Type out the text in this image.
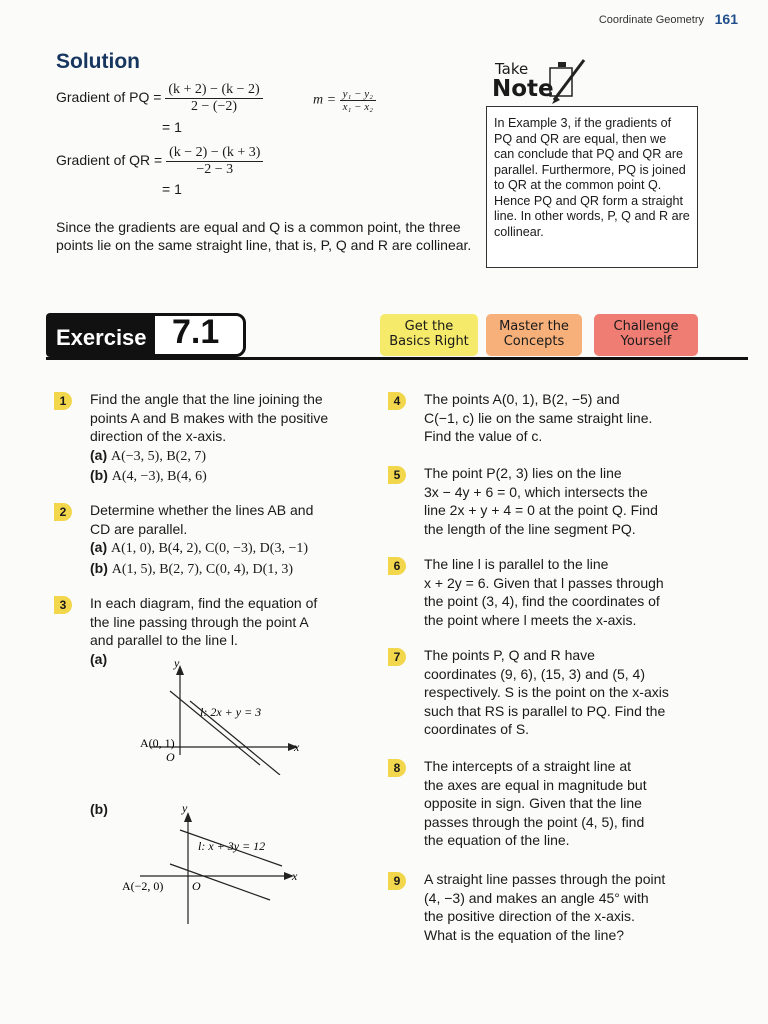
Coordinate Geometry 161
Solution
Gradient of PQ = $\frac{(k + 2) - (k - 2)}{2 - (-2)}$	$m = \frac{\text{y₁ − y₂}}{\text{x₁ − x₂}}$
= 1
Gradient of QR = $\frac{(k - 2) - (k + 3)}{-2 - 3}$
= 1
Since the gradients are equal and Q is a common point, the three points lie on the same straight line, that is, P, Q and R are collinear.
Take
Note
In Example 3, if the gradients of PQ and QR are equal, then we can conclude that PQ and QR are parallel. Furthermore, PQ is joined to QR at the common point Q. Hence PQ and QR form a straight line. In other words, P, Q and R are collinear.
Exercise 7.1	Get the
Basics Right
Master the
Concepts
Challenge
Yourself
1	Find the angle that the line joining the
points A and B makes with the positive
direction of the x-axis.
(a) A(−3, 5), B(2, 7)
(b) A(4, −3), B(4, 6)
2	Determine whether the lines AB and
CD are parallel.
(a) A(1, 0), B(4, 2), C(0, −3), D(3, −1)
(b) A(1, 5), B(2, 7), C(0, 4), D(1, 3)
3	In each diagram, find the equation of
the line passing through the point A
and parallel to the line l.
(a)	y
x
O
l: 2x + y = 3
A(0, 1)
(b)	y
x
O
l: x + 3y = 12
A(−2, 0)
4	The points A(0, 1), B(2, −5) and
C(−1, c) lie on the same straight line.
Find the value of c.
5	The point P(2, 3) lies on the line
3x − 4y + 6 = 0, which intersects the
line 2x + y + 4 = 0 at the point Q. Find
the length of the line segment PQ.
6	The line l is parallel to the line
x + 2y = 6. Given that l passes through
the point (3, 4), find the coordinates of
the point where l meets the x-axis.
7	The points P, Q and R have
coordinates (9, 6), (15, 3) and (5, 4)
respectively. S is the point on the x-axis
such that RS is parallel to PQ. Find the
coordinates of S.
8	The intercepts of a straight line at
the axes are equal in magnitude but
opposite in sign. Given that the line
passes through the point (4, 5), find
the equation of the line.
9	A straight line passes through the point
(4, −3) and makes an angle 45° with
the positive direction of the x-axis.
What is the equation of the line?
